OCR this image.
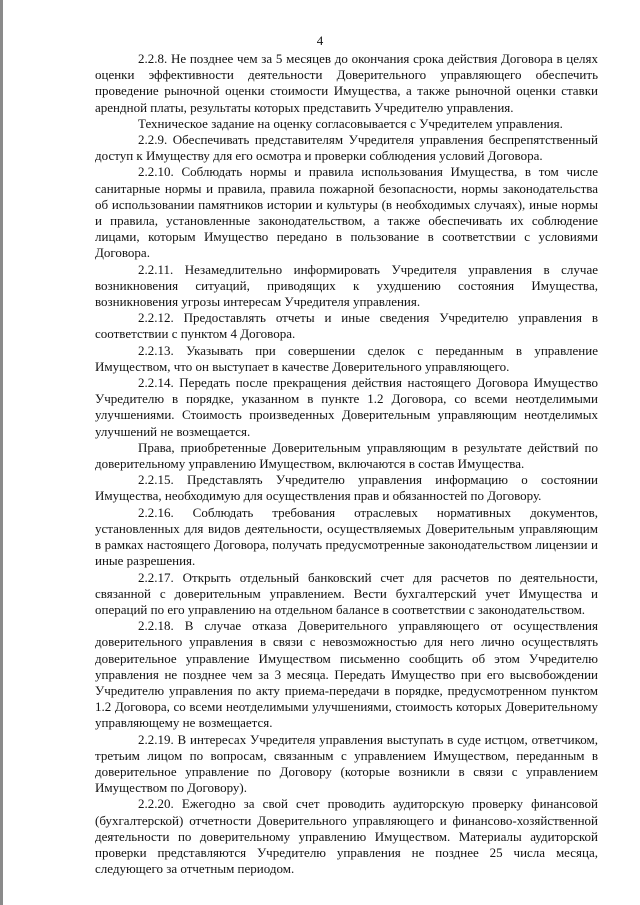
4

2.2.8. Не позднее чем за 5 месяцев до окончания срока действия Договора в целях оценки эффективности деятельности Доверительного управляющего обеспечить проведение рыночной оценки стоимости Имущества, а также рыночной оценки ставки арендной платы, результаты которых представить Учредителю управления.

Техническое задание на оценку согласовывается с Учредителем управления.

2.2.9. Обеспечивать представителям Учредителя управления беспрепятственный доступ к Имуществу для его осмотра и проверки соблюдения условий Договора.

2.2.10. Соблюдать нормы и правила использования Имущества, в том числе санитарные нормы и правила, правила пожарной безопасности, нормы законодательства об использовании памятников истории и культуры (в необходимых случаях), иные нормы и правила, установленные законодательством, а также обеспечивать их соблюдение лицами, которым Имущество передано в пользование в соответствии с условиями Договора.

2.2.11. Незамедлительно информировать Учредителя управления в случае возникновения ситуаций, приводящих к ухудшению состояния Имущества, возникновения угрозы интересам Учредителя управления.

2.2.12. Предоставлять отчеты и иные сведения Учредителю управления в соответствии с пунктом 4 Договора.

2.2.13. Указывать при совершении сделок с переданным в управление Имуществом, что он выступает в качестве Доверительного управляющего.

2.2.14. Передать после прекращения действия настоящего Договора Имущество Учредителю в порядке, указанном в пункте 1.2 Договора, со всеми неотделимыми улучшениями. Стоимость произведенных Доверительным управляющим неотделимых улучшений не возмещается.

Права, приобретенные Доверительным управляющим в результате действий по доверительному управлению Имуществом, включаются в состав Имущества.

2.2.15. Представлять Учредителю управления информацию о состоянии Имущества, необходимую для осуществления прав и обязанностей по Договору.

2.2.16. Соблюдать требования отраслевых нормативных документов, установленных для видов деятельности, осуществляемых Доверительным управляющим в рамках настоящего Договора, получать предусмотренные законодательством лицензии и иные разрешения.

2.2.17. Открыть отдельный банковский счет для расчетов по деятельности, связанной с доверительным управлением. Вести бухгалтерский учет Имущества и операций по его управлению на отдельном балансе в соответствии с законодательством.

2.2.18. В случае отказа Доверительного управляющего от осуществления доверительного управления в связи с невозможностью для него лично осуществлять доверительное управление Имуществом письменно сообщить об этом Учредителю управления не позднее чем за 3 месяца. Передать Имущество при его высвобождении Учредителю управления по акту приема-передачи в порядке, предусмотренном пунктом 1.2 Договора, со всеми неотделимыми улучшениями, стоимость которых Доверительному управляющему не возмещается.

2.2.19. В интересах Учредителя управления выступать в суде истцом, ответчиком, третьим лицом по вопросам, связанным с управлением Имуществом, переданным в доверительное управление по Договору (которые возникли в связи с управлением Имуществом по Договору).

2.2.20. Ежегодно за свой счет проводить аудиторскую проверку финансовой (бухгалтерской) отчетности Доверительного управляющего и финансово-хозяйственной деятельности по доверительному управлению Имуществом. Материалы аудиторской проверки представляются Учредителю управления не позднее 25 числа месяца, следующего за отчетным периодом.
